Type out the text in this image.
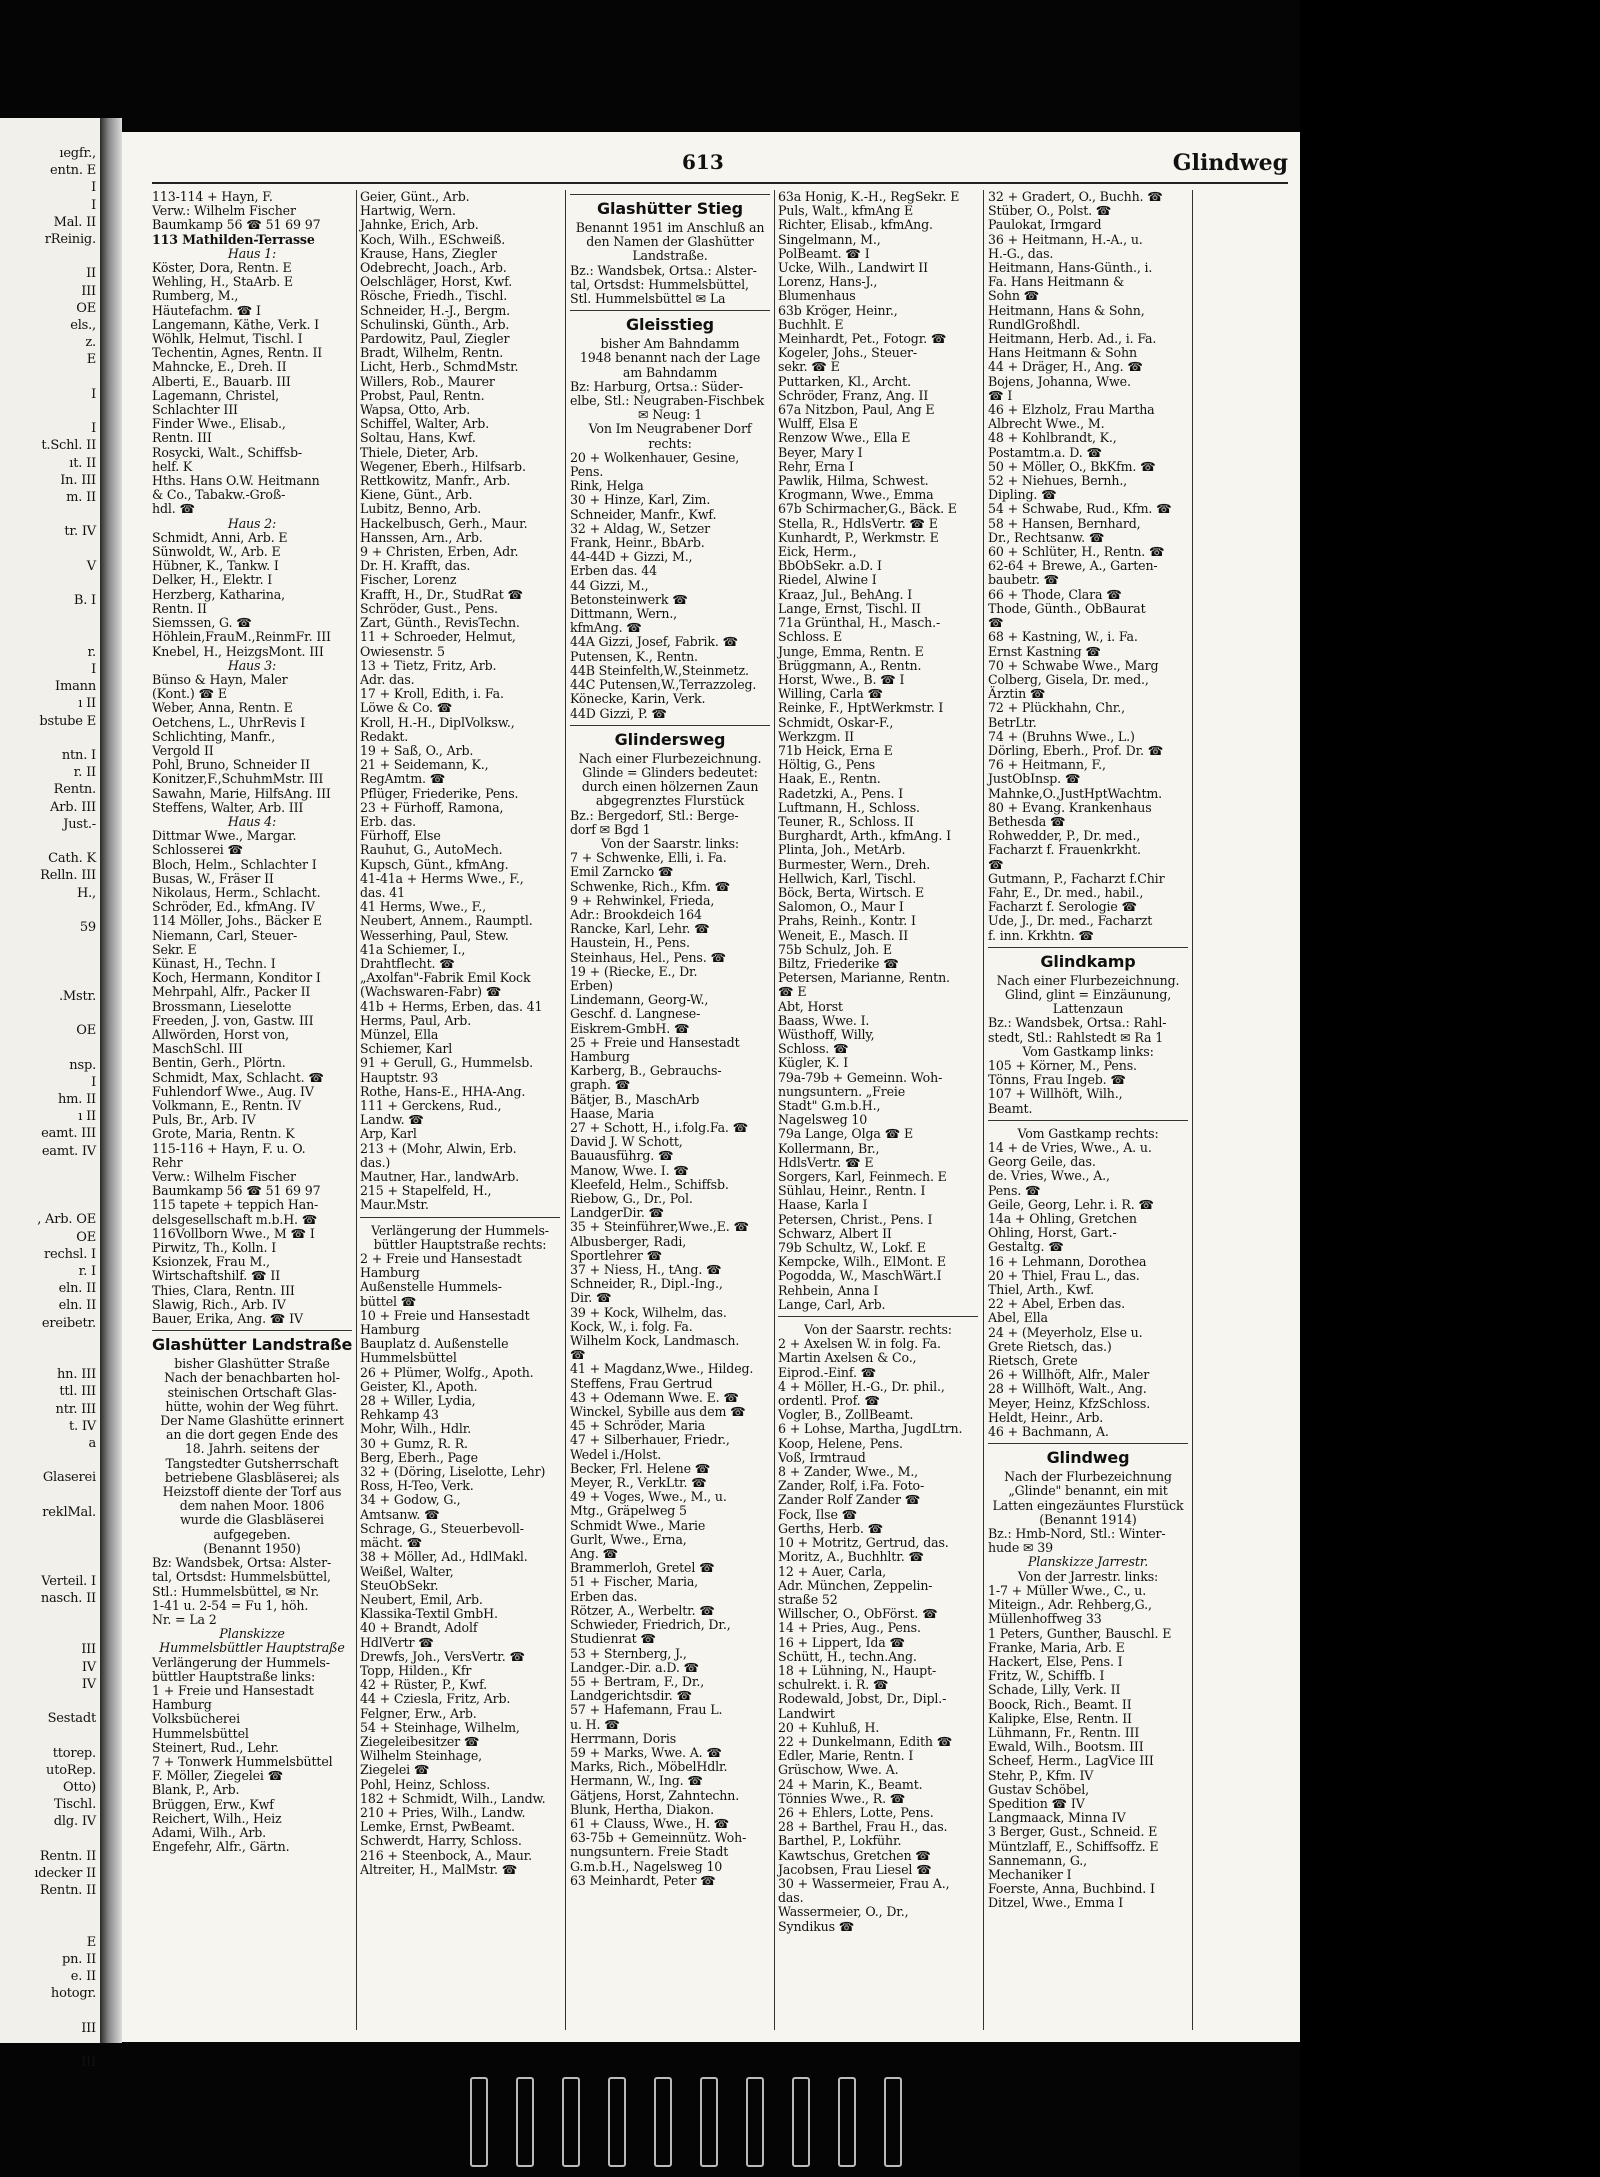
ıegfr.,
entn. E
I
I
Mal. II
rReinig.
II
III
OE
els.,
z.
E
I
I
t.Schl. II
ıt. II
In. III
m. II
tr. IV
V
B. I
r.
I
Imann
ı II
bstube E
ntn. I
r. II
Rentn.
Arb. III
Just.-
Cath. K
Relln. III
H.,
59
.Mstr.
OE
nsp.
I
hm. II
ı II
eamt. III
eamt. IV
, Arb. OE
OE
rechsl. I
r. I
eln. II
eln. II
ereibetr.
hn. III
ttl. III
ntr. III
t. IV
a
Glaserei
reklMal.
Verteil. I
nasch. II
III
IV
IV
Sestadt
ttorep.
utoRep.
Otto)
Tischl.
dlg. IV
Rentn. II
ıdecker II
Rentn. II
E
pn. II
e. II
hotogr.
III
III
613	Glindweg
113-114 + Hayn, F.
Verw.: Wilhelm Fischer
Baumkamp 56 ☎ 51 69 97
113 Mathilden-Terrasse
Haus 1:
Köster, Dora, Rentn. E
Wehling, H., StaArb. E
Rumberg, M.,
Häutefachm. ☎ I
Langemann, Käthe, Verk. I
Wöhlk, Helmut, Tischl. I
Techentin, Agnes, Rentn. II
Mahncke, E., Dreh. II
Alberti, E., Bauarb. III
Lagemann, Christel,
Schlachter III
Finder Wwe., Elisab.,
Rentn. III
Rosycki, Walt., Schiffsb-
helf. K
Hths. Hans O.W. Heitmann
& Co., Tabakw.-Groß-
hdl. ☎
Haus 2:
Schmidt, Anni, Arb. E
Sünwoldt, W., Arb. E
Hübner, K., Tankw. I
Delker, H., Elektr. I
Herzberg, Katharina,
Rentn. II
Siemssen, G. ☎
Höhlein,FrauM.,ReinmFr. III
Knebel, H., HeizgsMont. III
Haus 3:
Bünso & Hayn, Maler
(Kont.) ☎ E
Weber, Anna, Rentn. E
Oetchens, L., UhrRevis I
Schlichting, Manfr.,
Vergold II
Pohl, Bruno, Schneider II
Konitzer,F.,SchuhmMstr. III
Sawahn, Marie, HilfsAng. III
Steffens, Walter, Arb. III
Haus 4:
Dittmar Wwe., Margar.
Schlosserei ☎
Bloch, Helm., Schlachter I
Busas, W., Fräser II
Nikolaus, Herm., Schlacht.
Schröder, Ed., kfmAng. IV
114 Möller, Johs., Bäcker E
Niemann, Carl, Steuer-
Sekr. E
Künast, H., Techn. I
Koch, Hermann, Konditor I
Mehrpahl, Alfr., Packer II
Brossmann, Lieselotte
Freeden, J. von, Gastw. III
Allwörden, Horst von,
MaschSchl. III
Bentin, Gerh., Plörtn.
Schmidt, Max, Schlacht. ☎
Fuhlendorf Wwe., Aug. IV
Volkmann, E., Rentn. IV
Puls, Br., Arb. IV
Grote, Maria, Rentn. K
115-116 + Hayn, F. u. O.
Rehr
Verw.: Wilhelm Fischer
Baumkamp 56 ☎ 51 69 97
115 tapete + teppich Han-
delsgesellschaft m.b.H. ☎
116Vollborn Wwe., M ☎ I
Pirwitz, Th., Kolln. I
Ksionzek, Frau M.,
Wirtschaftshilf. ☎ II
Thies, Clara, Rentn. III
Slawig, Rich., Arb. IV
Bauer, Erika, Ang. ☎ IV
Glashütter Landstraße
bisher Glashütter Straße
Nach der benachbarten hol-
steinischen Ortschaft Glas-
hütte, wohin der Weg führt.
Der Name Glashütte erinnert
an die dort gegen Ende des
18. Jahrh. seitens der
Tangstedter Gutsherrschaft
betriebene Glasbläserei; als
Heizstoff diente der Torf aus
dem nahen Moor. 1806
wurde die Glasbläserei
aufgegeben.
(Benannt 1950)
Bz: Wandsbek, Ortsa: Alster-
tal, Ortsdst: Hummelsbüttel,
Stl.: Hummelsbüttel, ✉ Nr.
1-41 u. 2-54 = Fu 1, höh.
Nr. = La 2
Planskizze
Hummelsbüttler Hauptstraße
Verlängerung der Hummels-
büttler Hauptstraße links:
1 + Freie und Hansestadt
Hamburg
Volksbücherei
Hummelsbüttel
Steinert, Rud., Lehr.
7 + Tonwerk Hummelsbüttel
F. Möller, Ziegelei ☎
Blank, P., Arb.
Brüggen, Erw., Kwf
Reichert, Wilh., Heiz
Adami, Wilh., Arb.
Engefehr, Alfr., Gärtn.
Geier, Günt., Arb.
Hartwig, Wern.
Jahnke, Erich, Arb.
Koch, Wilh., ESchweiß.
Krause, Hans, Ziegler
Odebrecht, Joach., Arb.
Oelschläger, Horst, Kwf.
Rösche, Friedh., Tischl.
Schneider, H.-J., Bergm.
Schulinski, Günth., Arb.
Pardowitz, Paul, Ziegler
Bradt, Wilhelm, Rentn.
Licht, Herb., SchmdMstr.
Willers, Rob., Maurer
Probst, Paul, Rentn.
Wapsa, Otto, Arb.
Schiffel, Walter, Arb.
Soltau, Hans, Kwf.
Thiele, Dieter, Arb.
Wegener, Eberh., Hilfsarb.
Rettkowitz, Manfr., Arb.
Kiene, Günt., Arb.
Lubitz, Benno, Arb.
Hackelbusch, Gerh., Maur.
Hanssen, Arn., Arb.
9 + Christen, Erben, Adr.
Dr. H. Krafft, das.
Fischer, Lorenz
Krafft, H., Dr., StudRat ☎
Schröder, Gust., Pens.
Zart, Günth., RevisTechn.
11 + Schroeder, Helmut,
Owiesenstr. 5
13 + Tietz, Fritz, Arb.
Adr. das.
17 + Kroll, Edith, i. Fa.
Löwe & Co. ☎
Kroll, H.-H., DiplVolksw.,
Redakt.
19 + Saß, O., Arb.
21 + Seidemann, K.,
RegAmtm. ☎
Pflüger, Friederike, Pens.
23 + Fürhoff, Ramona,
Erb. das.
Fürhoff, Else
Rauhut, G., AutoMech.
Kupsch, Günt., kfmAng.
41-41a + Herms Wwe., F.,
das. 41
41 Herms, Wwe., F.,
Neubert, Annem., Raumptl.
Wesserhing, Paul, Stew.
41a Schiemer, I.,
Drahtflecht. ☎
„Axolfan"-Fabrik Emil Kock
(Wachswaren-Fabr) ☎
41b + Herms, Erben, das. 41
Herms, Paul, Arb.
Münzel, Ella
Schiemer, Karl
91 + Gerull, G., Hummelsb.
Hauptstr. 93
Rothe, Hans-E., HHA-Ang.
111 + Gerckens, Rud.,
Landw. ☎
Arp, Karl
213 + (Mohr, Alwin, Erb.
das.)
Mautner, Har., landwArb.
215 + Stapelfeld, H.,
Maur.Mstr.
Verlängerung der Hummels-
büttler Hauptstraße rechts:
2 + Freie und Hansestadt
Hamburg
Außenstelle Hummels-
büttel ☎
10 + Freie und Hansestadt
Hamburg
Bauplatz d. Außenstelle
Hummelsbüttel
26 + Plümer, Wolfg., Apoth.
Geister, Kl., Apoth.
28 + Willer, Lydia,
Rehkamp 43
Mohr, Wilh., Hdlr.
30 + Gumz, R. R.
Berg, Eberh., Page
32 + (Döring, Liselotte, Lehr)
Ross, H-Teo, Verk.
34 + Godow, G.,
Amtsanw. ☎
Schrage, G., Steuerbevoll-
mächt. ☎
38 + Möller, Ad., HdlMakl.
Weißel, Walter,
SteuObSekr.
Neubert, Emil, Arb.
Klassika-Textil GmbH.
40 + Brandt, Adolf
HdlVertr ☎
Drewfs, Joh., VersVertr. ☎
Topp, Hilden., Kfr
42 + Rüster, P., Kwf.
44 + Cziesla, Fritz, Arb.
Felgner, Erw., Arb.
54 + Steinhage, Wilhelm,
Ziegeleibesitzer ☎
Wilhelm Steinhage,
Ziegelei ☎
Pohl, Heinz, Schloss.
182 + Schmidt, Wilh., Landw.
210 + Pries, Wilh., Landw.
Lemke, Ernst, PwBeamt.
Schwerdt, Harry, Schloss.
216 + Steenbock, A., Maur.
Altreiter, H., MalMstr. ☎
Glashütter Stieg
Benannt 1951 im Anschluß an
den Namen der Glashütter
Landstraße.
Bz.: Wandsbek, Ortsa.: Alster-
tal, Ortsdst: Hummelsbüttel,
Stl. Hummelsbüttel ✉ La
Gleisstieg
bisher Am Bahndamm
1948 benannt nach der Lage
am Bahndamm
Bz: Harburg, Ortsa.: Süder-
elbe, Stl.: Neugraben-Fischbek
✉ Neug: 1
Von Im Neugrabener Dorf
rechts:
20 + Wolkenhauer, Gesine,
Pens.
Rink, Helga
30 + Hinze, Karl, Zim.
Schneider, Manfr., Kwf.
32 + Aldag, W., Setzer
Frank, Heinr., BbArb.
44-44D + Gizzi, M.,
Erben das. 44
44 Gizzi, M.,
Betonsteinwerk ☎
Dittmann, Wern.,
kfmAng. ☎
44A Gizzi, Josef, Fabrik. ☎
Putensen, K., Rentn.
44B Steinfelth,W.,Steinmetz.
44C Putensen,W.,Terrazzoleg.
Könecke, Karin, Verk.
44D Gizzi, P. ☎
Glindersweg
Nach einer Flurbezeichnung.
Glinde = Glinders bedeutet:
durch einen hölzernen Zaun
abgegrenztes Flurstück
Bz.: Bergedorf, Stl.: Berge-
dorf ✉ Bgd 1
Von der Saarstr. links:
7 + Schwenke, Elli, i. Fa.
Emil Zarncko ☎
Schwenke, Rich., Kfm. ☎
9 + Rehwinkel, Frieda,
Adr.: Brookdeich 164
Rancke, Karl, Lehr. ☎
Haustein, H., Pens.
Steinhaus, Hel., Pens. ☎
19 + (Riecke, E., Dr.
Erben)
Lindemann, Georg-W.,
Geschf. d. Langnese-
Eiskrem-GmbH. ☎
25 + Freie und Hansestadt
Hamburg
Karberg, B., Gebrauchs-
graph. ☎
Bätjer, B., MaschArb
Haase, Maria
27 + Schott, H., i.folg.Fa. ☎
David J. W Schott,
Bauausführg. ☎
Manow, Wwe. I. ☎
Kleefeld, Helm., Schiffsb.
Riebow, G., Dr., Pol.
LandgerDir. ☎
35 + Steinführer,Wwe.,E. ☎
Albusberger, Radi,
Sportlehrer ☎
37 + Niess, H., tAng. ☎
Schneider, R., Dipl.-Ing.,
Dir. ☎
39 + Kock, Wilhelm, das.
Kock, W., i. folg. Fa.
Wilhelm Kock, Landmasch.
☎
41 + Magdanz,Wwe., Hildeg.
Steffens, Frau Gertrud
43 + Odemann Wwe. E. ☎
Winckel, Sybille aus dem ☎
45 + Schröder, Maria
47 + Silberhauer, Friedr.,
Wedel i./Holst.
Becker, Frl. Helene ☎
Meyer, R., VerkLtr. ☎
49 + Voges, Wwe., M., u.
Mtg., Gräpelweg 5
Schmidt Wwe., Marie
Gurlt, Wwe., Erna,
Ang. ☎
Brammerloh, Gretel ☎
51 + Fischer, Maria,
Erben das.
Rötzer, A., Werbeltr. ☎
Schwieder, Friedrich, Dr.,
Studienrat ☎
53 + Sternberg, J.,
Landger.-Dir. a.D. ☎
55 + Bertram, F., Dr.,
Landgerichtsdir. ☎
57 + Hafemann, Frau L.
u. H. ☎
Herrmann, Doris
59 + Marks, Wwe. A. ☎
Marks, Rich., MöbelHdlr.
Hermann, W., Ing. ☎
Gätjens, Horst, Zahntechn.
Blunk, Hertha, Diakon.
61 + Clauss, Wwe., H. ☎
63-75b + Gemeinnütz. Woh-
nungsuntern. Freie Stadt
G.m.b.H., Nagelsweg 10
63 Meinhardt, Peter ☎
63a Honig, K.-H., RegSekr. E
Puls, Walt., kfmAng E
Richter, Elisab., kfmAng.
Singelmann, M.,
PolBeamt. ☎ I
Ucke, Wilh., Landwirt II
Lorenz, Hans-J.,
Blumenhaus
63b Kröger, Heinr.,
Buchhlt. E
Meinhardt, Pet., Fotogr. ☎
Kogeler, Johs., Steuer-
sekr. ☎ E
Puttarken, Kl., Archt.
Schröder, Franz, Ang. II
67a Nitzbon, Paul, Ang E
Wulff, Elsa E
Renzow Wwe., Ella E
Beyer, Mary I
Rehr, Erna I
Pawlik, Hilma, Schwest.
Krogmann, Wwe., Emma
67b Schirmacher,G., Bäck. E
Stella, R., HdlsVertr. ☎ E
Kunhardt, P., Werkmstr. E
Eick, Herm.,
BbObSekr. a.D. I
Riedel, Alwine I
Kraaz, Jul., BehAng. I
Lange, Ernst, Tischl. II
71a Grünthal, H., Masch.-
Schloss. E
Junge, Emma, Rentn. E
Brüggmann, A., Rentn.
Horst, Wwe., B. ☎ I
Willing, Carla ☎
Reinke, F., HptWerkmstr. I
Schmidt, Oskar-F.,
Werkzgm. II
71b Heick, Erna E
Höltig, G., Pens
Haak, E., Rentn.
Radetzki, A., Pens. I
Luftmann, H., Schloss.
Teuner, R., Schloss. II
Burghardt, Arth., kfmAng. I
Plinta, Joh., MetArb.
Burmester, Wern., Dreh.
Hellwich, Karl, Tischl.
Böck, Berta, Wirtsch. E
Salomon, O., Maur I
Prahs, Reinh., Kontr. I
Weneit, E., Masch. II
75b Schulz, Joh. E
Biltz, Friederike ☎
Petersen, Marianne, Rentn.
☎ E
Abt, Horst
Baass, Wwe. I.
Wüsthoff, Willy,
Schloss. ☎
Kügler, K. I
79a-79b + Gemeinn. Woh-
nungsuntern. „Freie
Stadt" G.m.b.H.,
Nagelsweg 10
79a Lange, Olga ☎ E
Kollermann, Br.,
HdlsVertr. ☎ E
Sorgers, Karl, Feinmech. E
Sühlau, Heinr., Rentn. I
Haase, Karla I
Petersen, Christ., Pens. I
Schwarz, Albert II
79b Schultz, W., Lokf. E
Kempcke, Wilh., ElMont. E
Pogodda, W., MaschWärt.I
Rehbein, Anna I
Lange, Carl, Arb.
Von der Saarstr. rechts:
2 + Axelsen W. in folg. Fa.
Martin Axelsen & Co.,
Eiprod.-Einf. ☎
4 + Möller, H.-G., Dr. phil.,
ordentl. Prof. ☎
Vogler, B., ZollBeamt.
6 + Lohse, Martha, JugdLtrn.
Koop, Helene, Pens.
Voß, Irmtraud
8 + Zander, Wwe., M.,
Zander, Rolf, i.Fa. Foto-
Zander Rolf Zander ☎
Fock, Ilse ☎
Gerths, Herb. ☎
10 + Motritz, Gertrud, das.
Moritz, A., Buchhltr. ☎
12 + Auer, Carla,
Adr. München, Zeppelin-
straße 52
Willscher, O., ObFörst. ☎
14 + Pries, Aug., Pens.
16 + Lippert, Ida ☎
Schütt, H., techn.Ang.
18 + Lühning, N., Haupt-
schulrekt. i. R. ☎
Rodewald, Jobst, Dr., Dipl.-
Landwirt
20 + Kuhluß, H.
22 + Dunkelmann, Edith ☎
Edler, Marie, Rentn. I
Grüschow, Wwe. A.
24 + Marin, K., Beamt.
Tönnies Wwe., R. ☎
26 + Ehlers, Lotte, Pens.
28 + Barthel, Frau H., das.
Barthel, P., Lokführ.
Kawtschus, Gretchen ☎
Jacobsen, Frau Liesel ☎
30 + Wassermeier, Frau A.,
das.
Wassermeier, O., Dr.,
Syndikus ☎
32 + Gradert, O., Buchh. ☎
Stüber, O., Polst. ☎
Paulokat, Irmgard
36 + Heitmann, H.-A., u.
H.-G., das.
Heitmann, Hans-Günth., i.
Fa. Hans Heitmann &
Sohn ☎
Heitmann, Hans & Sohn,
RundlGroßhdl.
Heitmann, Herb. Ad., i. Fa.
Hans Heitmann & Sohn
44 + Dräger, H., Ang. ☎
Bojens, Johanna, Wwe.
☎ I
46 + Elzholz, Frau Martha
Albrecht Wwe., M.
48 + Kohlbrandt, K.,
Postamtm.a. D. ☎
50 + Möller, O., BkKfm. ☎
52 + Niehues, Bernh.,
Dipling. ☎
54 + Schwabe, Rud., Kfm. ☎
58 + Hansen, Bernhard,
Dr., Rechtsanw. ☎
60 + Schlüter, H., Rentn. ☎
62-64 + Brewe, A., Garten-
baubetr. ☎
66 + Thode, Clara ☎
Thode, Günth., ObBaurat
☎
68 + Kastning, W., i. Fa.
Ernst Kastning ☎
70 + Schwabe Wwe., Marg
Colberg, Gisela, Dr. med.,
Ärztin ☎
72 + Plückhahn, Chr.,
BetrLtr.
74 + (Bruhns Wwe., L.)
Dörling, Eberh., Prof. Dr. ☎
76 + Heitmann, F.,
JustObInsp. ☎
Mahnke,O.,JustHptWachtm.
80 + Evang. Krankenhaus
Bethesda ☎
Rohwedder, P., Dr. med.,
Facharzt f. Frauenkrkht.
☎
Gutmann, P., Facharzt f.Chir
Fahr, E., Dr. med., habil.,
Facharzt f. Serologie ☎
Ude, J., Dr. med., Facharzt
f. inn. Krkhtn. ☎
Glindkamp
Nach einer Flurbezeichnung.
Glind, glint = Einzäunung,
Lattenzaun
Bz.: Wandsbek, Ortsa.: Rahl-
stedt, Stl.: Rahlstedt ✉ Ra 1
Vom Gastkamp links:
105 + Körner, M., Pens.
Tönns, Frau Ingeb. ☎
107 + Willhöft, Wilh.,
Beamt.
Vom Gastkamp rechts:
14 + de Vries, Wwe., A. u.
Georg Geile, das.
de. Vries, Wwe., A.,
Pens. ☎
Geile, Georg, Lehr. i. R. ☎
14a + Ohling, Gretchen
Ohling, Horst, Gart.-
Gestaltg. ☎
16 + Lehmann, Dorothea
20 + Thiel, Frau L., das.
Thiel, Arth., Kwf.
22 + Abel, Erben das.
Abel, Ella
24 + (Meyerholz, Else u.
Grete Rietsch, das.)
Rietsch, Grete
26 + Willhöft, Alfr., Maler
28 + Willhöft, Walt., Ang.
Meyer, Heinz, KfzSchloss.
Heldt, Heinr., Arb.
46 + Bachmann, A.
Glindweg
Nach der Flurbezeichnung
„Glinde" benannt, ein mit
Latten eingezäuntes Flurstück
(Benannt 1914)
Bz.: Hmb-Nord, Stl.: Winter-
hude ✉ 39
Planskizze Jarrestr.
Von der Jarrestr. links:
1-7 + Müller Wwe., C., u.
Miteign., Adr. Rehberg,G.,
Müllenhoffweg 33
1 Peters, Gunther, Bauschl. E
Franke, Maria, Arb. E
Hackert, Else, Pens. I
Fritz, W., Schiffb. I
Schade, Lilly, Verk. II
Boock, Rich., Beamt. II
Kalipke, Else, Rentn. II
Lühmann, Fr., Rentn. III
Ewald, Wilh., Bootsm. III
Scheef, Herm., LagVice III
Stehr, P., Kfm. IV
Gustav Schöbel,
Spedition ☎ IV
Langmaack, Minna IV
3 Berger, Gust., Schneid. E
Müntzlaff, E., Schiffsoffz. E
Sannemann, G.,
Mechaniker I
Foerste, Anna, Buchbind. I
Ditzel, Wwe., Emma I
